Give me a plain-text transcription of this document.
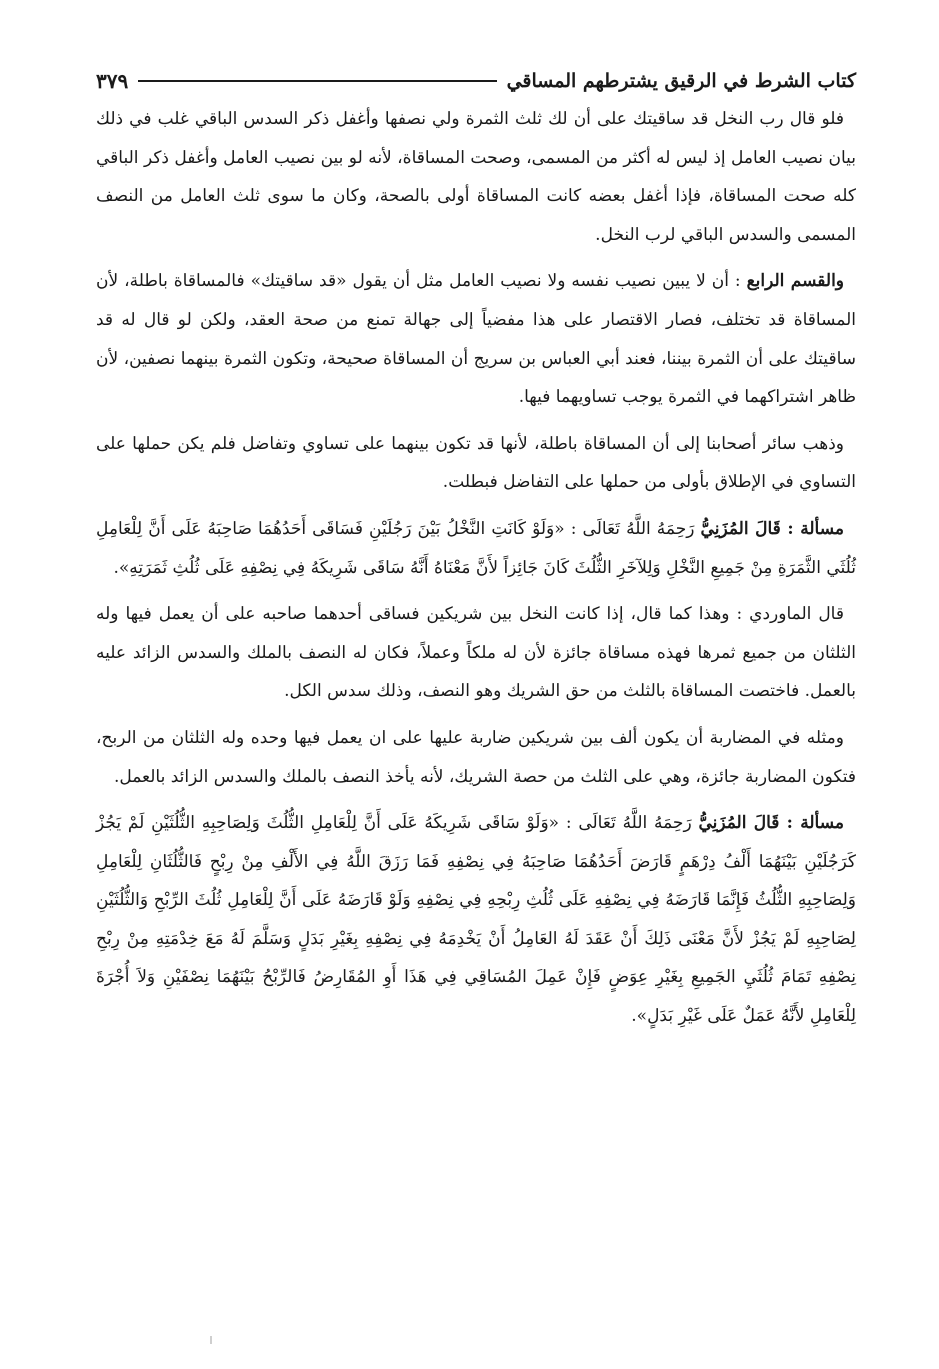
كتاب الشرط في الرقيق يشترطهم المساقي
٣٧٩

فلو قال رب النخل قد ساقيتك على أن لك ثلث الثمرة ولي نصفها وأغفل ذكر السدس الباقي غلب في ذلك بيان نصيب العامل إذ ليس له أكثر من المسمى، وصحت المساقاة، لأنه لو بين نصيب العامل وأغفل ذكر الباقي كله صحت المساقاة، فإذا أغفل بعضه كانت المساقاة أولى بالصحة، وكان ما سوى ثلث العامل من النصف المسمى والسدس الباقي لرب النخل.

والقسم الرابع : أن لا يبين نصيب نفسه ولا نصيب العامل مثل أن يقول «قد ساقيتك» فالمساقاة باطلة، لأن المساقاة قد تختلف، فصار الاقتصار على هذا مفضياً إلى جهالة تمنع من صحة العقد، ولكن لو قال له قد ساقيتك على أن الثمرة بيننا، فعند أبي العباس بن سريج أن المساقاة صحيحة، وتكون الثمرة بينهما نصفين، لأن ظاهر اشتراكهما في الثمرة يوجب تساويهما فيها.

وذهب سائر أصحابنا إلى أن المساقاة باطلة، لأنها قد تكون بينهما على تساوي وتفاضل فلم يكن حملها على التساوي في الإطلاق بأولى من حملها على التفاضل فبطلت.

مسألة : قَالَ المُزَنِيُّ رَحِمَهُ اللَّهُ تَعَالَى : «وَلَوْ كَانَتِ النَّخْلُ بَيْنَ رَجُلَيْنِ فَسَاقَى أَحَدُهُمَا صَاحِبَهُ عَلَى أَنَّ لِلْعَامِلِ ثُلُثَي الثَّمَرَةِ مِنْ جَمِيعِ النَّخْلِ وَلِلآخَرِ الثُّلُثَ كَانَ جَائِزاً لأَنَّ مَعْنَاهُ أَنَّهُ سَاقَى شَرِيكَهُ فِي نِصْفِهِ عَلَى ثُلُثِ ثَمَرَتِهِ».

قال الماوردي : وهذا كما قال، إذا كانت النخل بين شريكين فساقى أحدهما صاحبه على أن يعمل فيها وله الثلثان من جميع ثمرها فهذه مساقاة جائزة لأن له ملكاً وعملاً، فكان له النصف بالملك والسدس الزائد عليه بالعمل. فاختصت المساقاة بالثلث من حق الشريك وهو النصف، وذلك سدس الكل.

ومثله في المضاربة أن يكون ألف بين شريكين ضاربة عليها على ان يعمل فيها وحده وله الثلثان من الربح، فتكون المضاربة جائزة، وهي على الثلث من حصة الشريك، لأنه يأخذ النصف بالملك والسدس الزائد بالعمل.

مسألة : قَالَ المُزَنِيُّ رَحِمَهُ اللَّهُ تَعَالَى : «وَلَوْ سَاقَى شَرِيكَهُ عَلَى أَنَّ لِلْعَامِلِ الثُّلُثَ وَلِصَاحِبِهِ الثُّلُثَيْنِ لَمْ يَجُزْ كَرَجُلَيْنِ بَيْنَهُمَا أَلْفُ دِرْهَمٍ قَارَضَ أَحَدُهُمَا صَاحِبَهُ فِي نِصْفِهِ فَمَا رَزَقَ اللَّهُ فِي الأَلْفِ مِنْ رِبْحٍ فَالثُّلُثَانِ لِلْعَامِلِ وَلِصَاحِبِهِ الثُّلُثُ فَإِنَّمَا قَارَضَهُ فِي نِصْفِهِ عَلَى ثُلُثِ رِبْحِهِ فِي نِصْفِهِ وَلَوْ قَارَضَهُ عَلَى أَنَّ لِلْعَامِلِ ثُلُثَ الرِّبْحِ وَالثُّلُثَيْنِ لِصَاحِبِهِ لَمْ يَجُزْ لأَنَّ مَعْنَى ذَلِكَ أَنْ عَقَدَ لَهُ العَامِلُ أَنْ يَخْدِمَهُ فِي نِصْفِهِ بِغَيْرِ بَدَلٍ وَسَلَّمَ لَهُ مَعَ خِدْمَتِهِ مِنْ رِبْحِ نِصْفِهِ تَمَامَ ثُلُثَيِ الجَمِيعِ بِغَيْرِ عِوَضٍ فَإِنْ عَمِلَ المُسَاقِي فِي هَذَا أَوِ المُقَارِضُ فَالرِّبْحُ بَيْنَهُمَا نِصْفَيْنِ وَلاَ أُجْرَةَ لِلْعَامِلِ لأَنَّهُ عَمَلٌ عَلَى غَيْرِ بَدَلٍ».
